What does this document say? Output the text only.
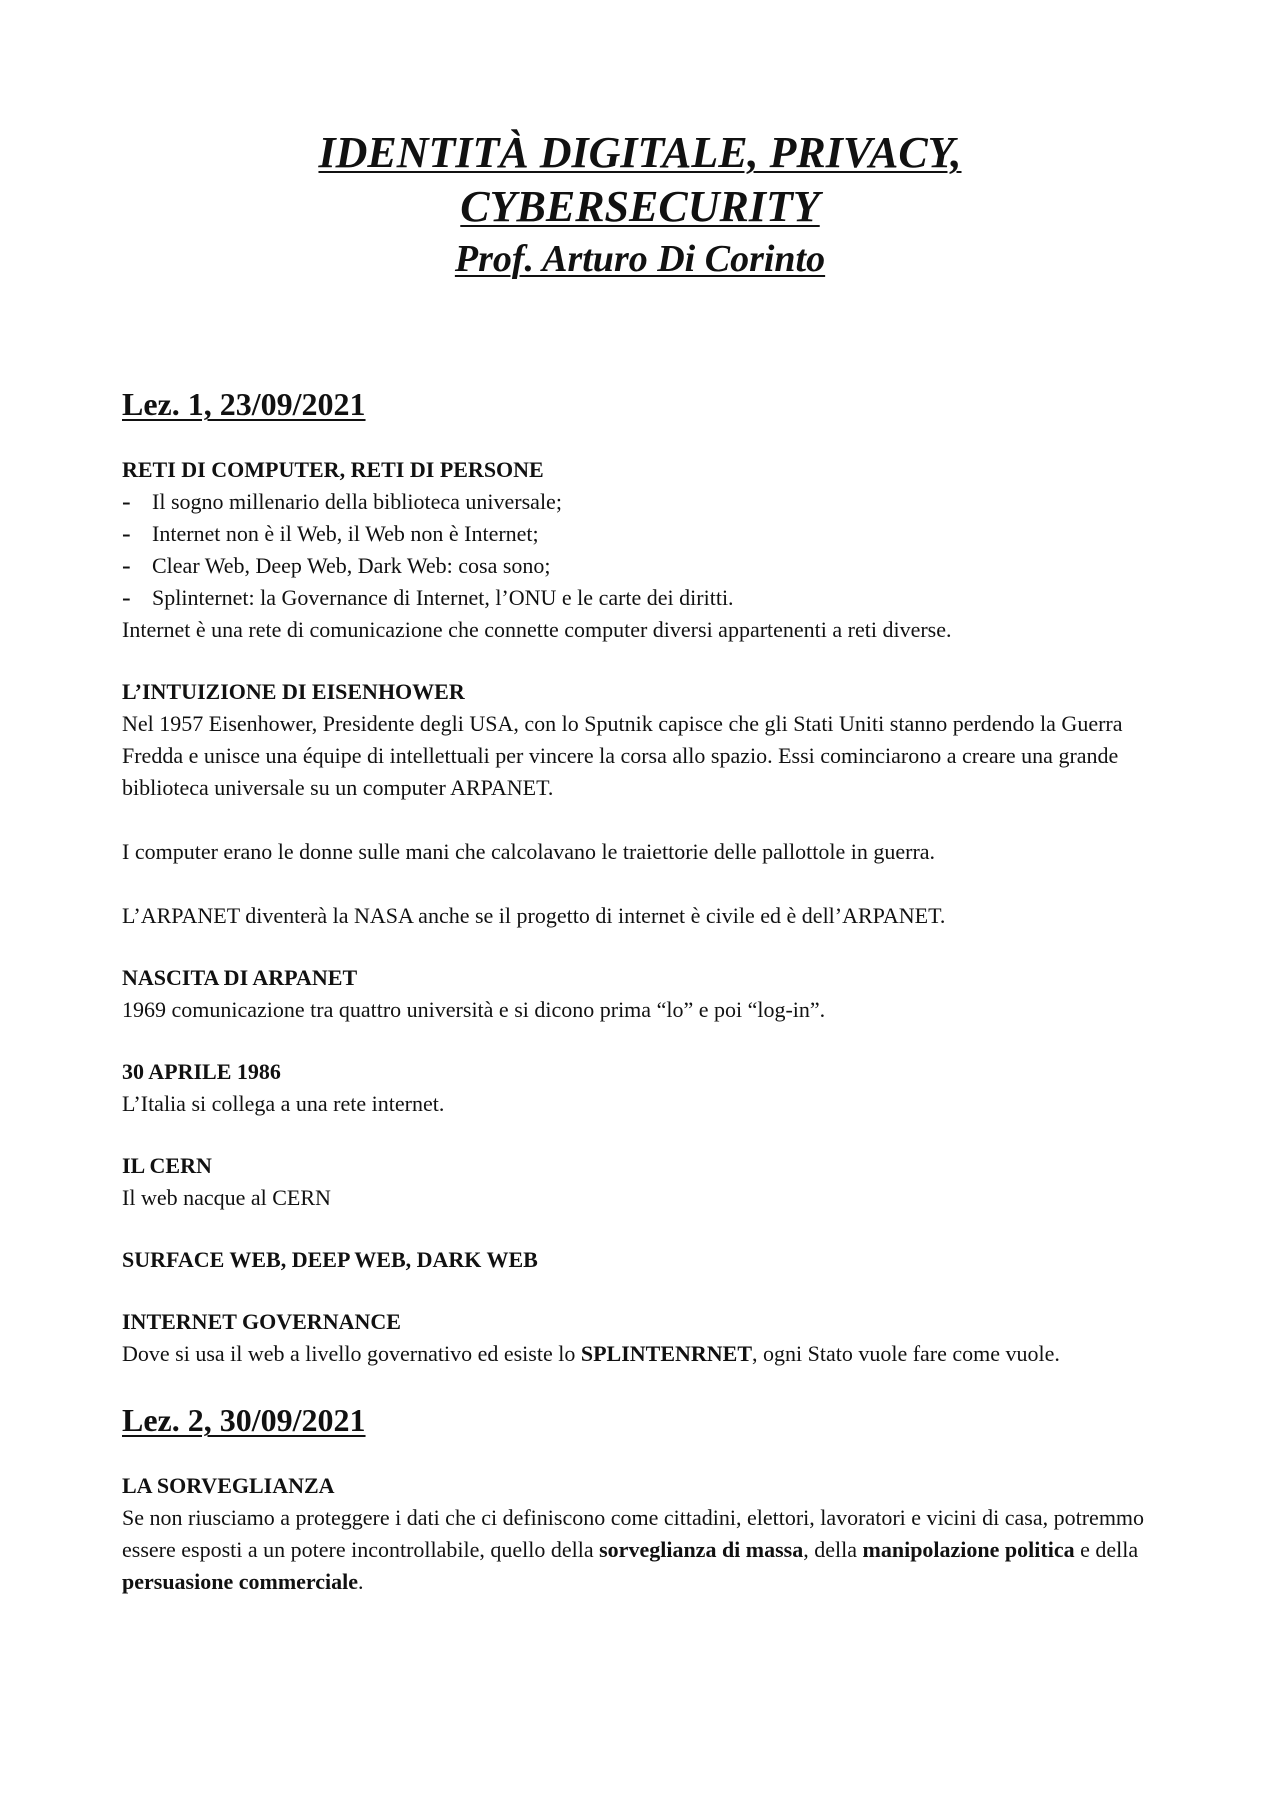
IDENTITÀ DIGITALE, PRIVACY,
CYBERSECURITY
Prof. Arturo Di Corinto
Lez. 1, 23/09/2021
RETI DI COMPUTER, RETI DI PERSONE
- Il sogno millenario della biblioteca universale;
- Internet non è il Web, il Web non è Internet;
- Clear Web, Deep Web, Dark Web: cosa sono;
- Splinternet: la Governance di Internet, l’ONU e le carte dei diritti.
Internet è una rete di comunicazione che connette computer diversi appartenenti a reti diverse.
L’INTUIZIONE DI EISENHOWER
Nel 1957 Eisenhower, Presidente degli USA, con lo Sputnik capisce che gli Stati Uniti stanno perdendo la Guerra Fredda e unisce una équipe di intellettuali per vincere la corsa allo spazio. Essi cominciarono a creare una grande biblioteca universale su un computer ARPANET.
I computer erano le donne sulle mani che calcolavano le traiettorie delle pallottole in guerra.
L’ARPANET diventerà la NASA anche se il progetto di internet è civile ed è dell’ARPANET.
NASCITA DI ARPANET
1969 comunicazione tra quattro università e si dicono prima “lo” e poi “log-in”.
30 APRILE 1986
L’Italia si collega a una rete internet.
IL CERN
Il web nacque al CERN
SURFACE WEB, DEEP WEB, DARK WEB
INTERNET GOVERNANCE
Dove si usa il web a livello governativo ed esiste lo SPLINTENRNET, ogni Stato vuole fare come vuole.
Lez. 2, 30/09/2021
LA SORVEGLIANZA
Se non riusciamo a proteggere i dati che ci definiscono come cittadini, elettori, lavoratori e vicini di casa, potremmo essere esposti a un potere incontrollabile, quello della sorveglianza di massa, della manipolazione politica e della persuasione commerciale.
